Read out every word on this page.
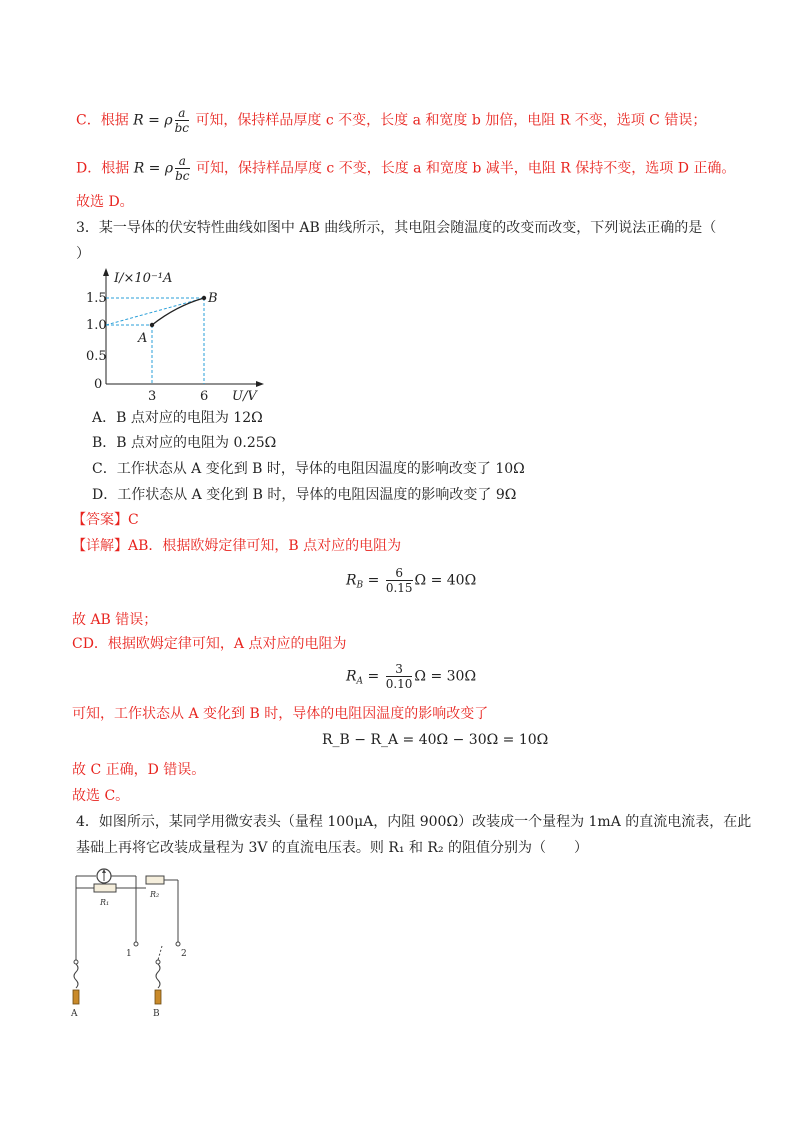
C．根据 R = ρ $\frac{a}{bc}$ 可知，保持样品厚度 c 不变，长度 a 和宽度 b 加倍，电阻 R 不变，选项 C 错误；
D．根据 R = ρ $\frac{a}{bc}$ 可知，保持样品厚度 c 不变，长度 a 和宽度 b 减半，电阻 R 保持不变，选项 D 正确。
故选 D。
3．某一导体的伏安特性曲线如图中 AB 曲线所示，其电阻会随温度的改变而改变，下列说法正确的是（
）
I/×10⁻¹A
U/V
1.5
1.0
0.5
0
3	6
A
B
A．B 点对应的电阻为 12Ω
B．B 点对应的电阻为 0.25Ω
C．工作状态从 A 变化到 B 时，导体的电阻因温度的影响改变了 10Ω
D．工作状态从 A 变化到 B 时，导体的电阻因温度的影响改变了 9Ω
【答案】C
【详解】AB．根据欧姆定律可知，B 点对应的电阻为
$R_B = \frac{6}{0.15}$ Ω = 40Ω
故 AB 错误；
CD．根据欧姆定律可知，A 点对应的电阻为
$R_A = \frac{3}{0.10}$ Ω = 30Ω
可知，工作状态从 A 变化到 B 时，导体的电阻因温度的影响改变了
R_B − R_A = 40Ω − 30Ω = 10Ω
故 C 正确，D 错误。
故选 C。
4．如图所示，某同学用微安表头（量程 100μA，内阻 900Ω）改装成一个量程为 1mA 的直流电流表，在此
基础上再将它改装成量程为 3V 的直流电压表。则 R₁ 和 R₂ 的阻值分别为（　　）
R₁
R₂
1	2
A	B
